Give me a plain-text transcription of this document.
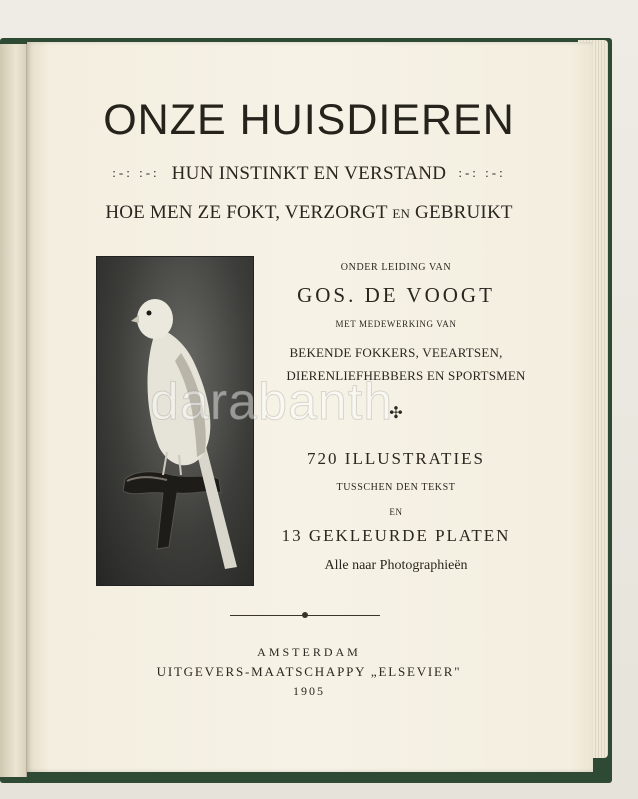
ONZE HUISDIEREN
:-: :-: HUN INSTINKT EN VERSTAND :-: :-:
HOE MEN ZE FOKT, VERZORGT EN GEBRUIKT
ONDER LEIDING VAN
GOS. DE VOOGT
MET MEDEWERKING VAN
BEKENDE FOKKERS, VEEARTSEN,
DIERENLIEFHEBBERS EN SPORTSMEN
✣
720 ILLUSTRATIES
TUSSCHEN DEN TEKST
EN
13 GEKLEURDE PLATEN
Alle naar Photographieën
AMSTERDAM
UITGEVERS-MAATSCHAPPY „ELSEVIER"
1905
darabanth
